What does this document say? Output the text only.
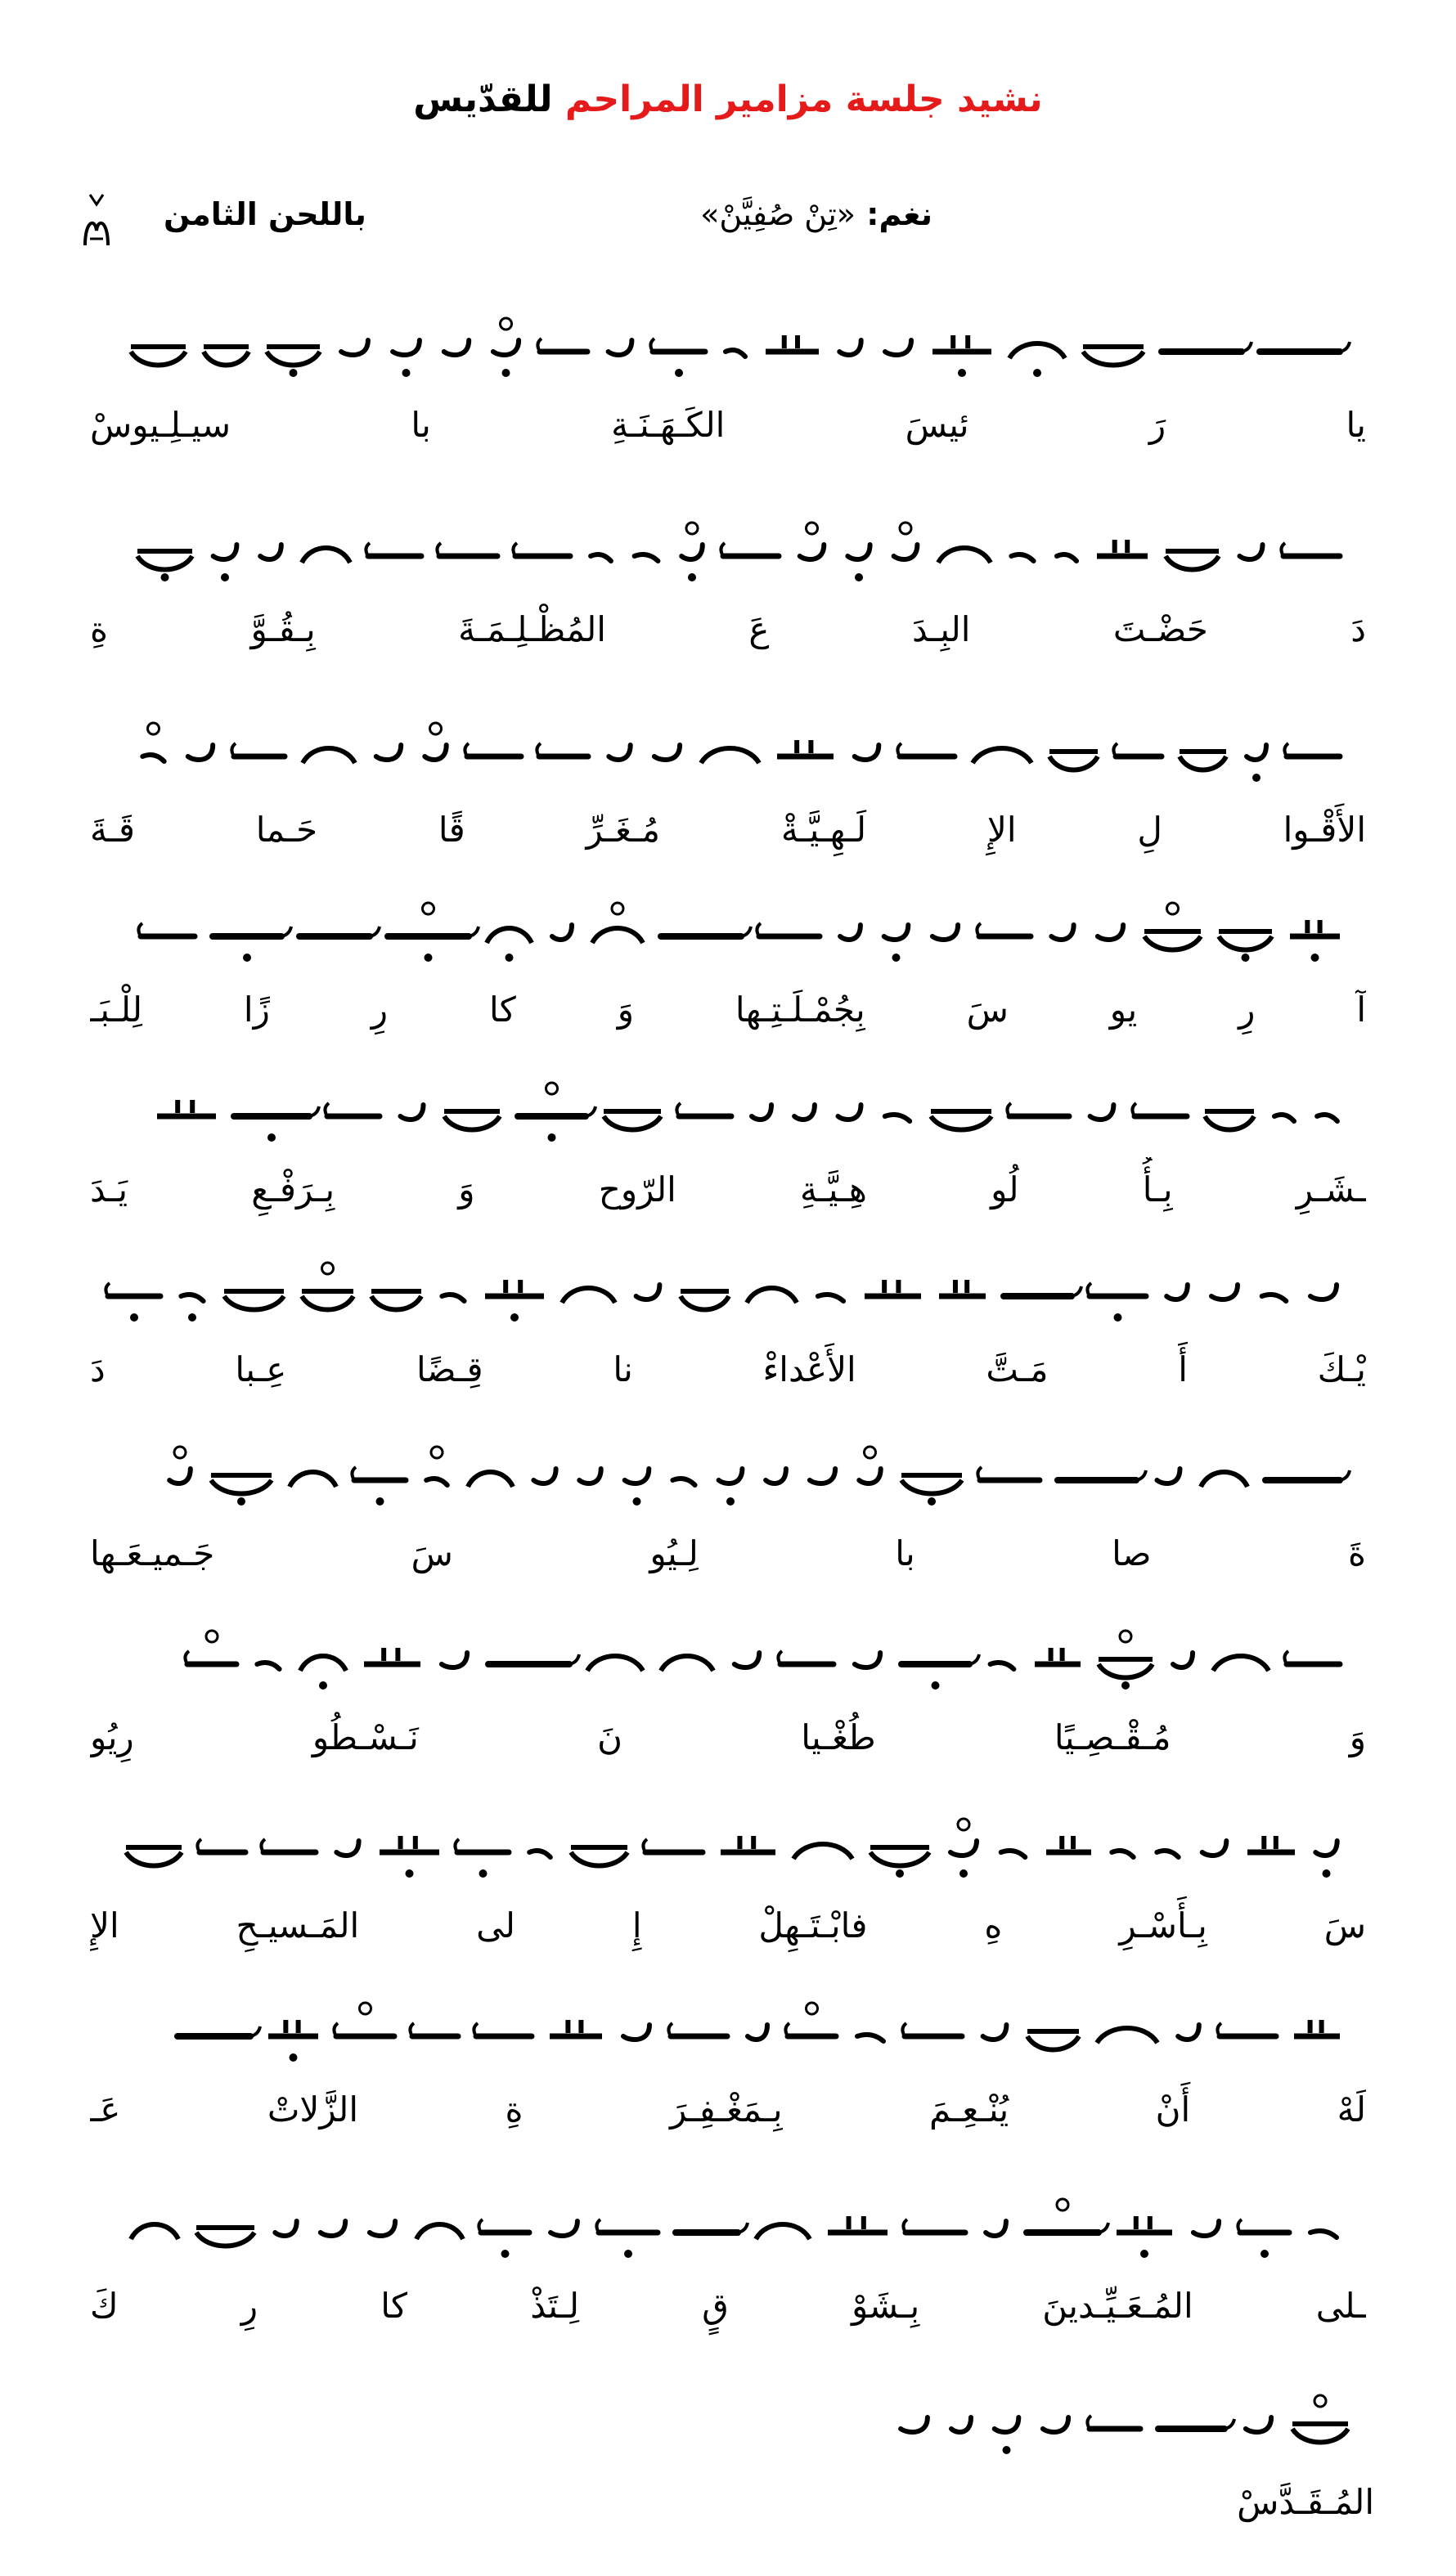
نشيد جلسة مزامير المراحم للقدّيس
نغم: «تِنْ صُفِيَّنْ»
باللحن الثامن
يا رَ ئيسَ الكَـهَـنَـةِ با سيـلِـيوسْ
دَ حَضْـتَ البِـدَ عَ المُظْـلِـمَـةَ بِـقُـوَّ ةِ
الأَقْـوا لِ الإِ لَـهِـيَّـةْ مُـغَـرِّ قًا حَـما قَـةَ
آ رِ يو سَ بِجُمْـلَـتِـها وَ كا رِ زًا لِلْـبَـ
ـشَـرِ بِـأُ لُو هِـيَّـةِ الرّوح وَ بِـرَفْـعِ يَـدَ
يْـكَ أَ مَـتَّ الأَعْداءْ نا قِـضًا عِـبا دَ
ةَ صا با لِـيُو سَ جَـميـعَـها
وَ مُـقْـصِـيًا طُغْـيا نَ نَـسْـطُو رِيُو
سَ بِـأَسْـرِ هِ فابْـتَـهِلْ إِ لى المَـسيـحِ الإِ
لَهْ أَنْ يُنْـعِـمَ بِـمَغْـفِـرَ ةِ الزَّلاتْ عَـ
ـلى المُـعَـيِّـدينَ بِـشَوْ قٍ لِـتَذْ كا رِ كَ
المُـقَـدَّسْ
